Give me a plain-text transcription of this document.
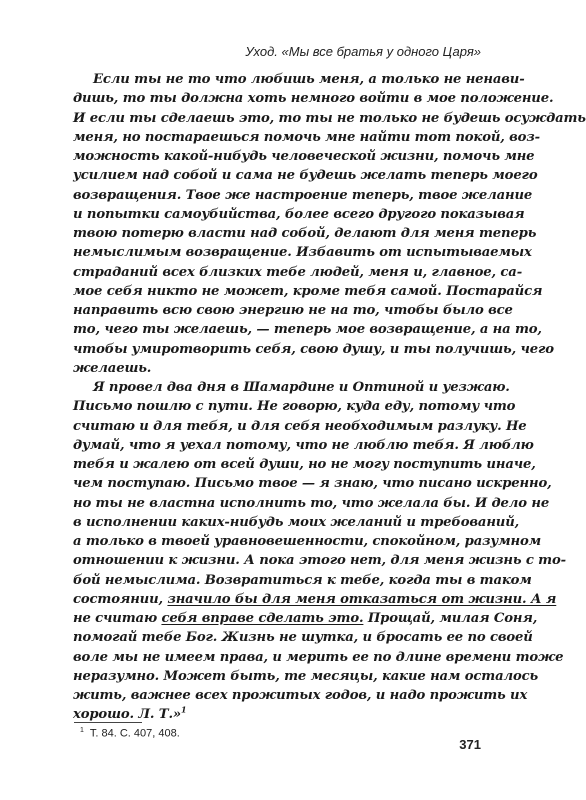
Уход. «Мы все братья у одного Царя»

Если ты не то что любишь меня, а только не ненави-
дишь, то ты должна хоть немного войти в мое положение.
И если ты сделаешь это, то ты не только не будешь осуждать
меня, но постараешься помочь мне найти тот покой, воз-
можность какой-нибудь человеческой жизни, помочь мне
усилием над собой и сама не будешь желать теперь моего
возвращения. Твое же настроение теперь, твое желание
и попытки самоубийства, более всего другого показывая
твою потерю власти над собой, делают для меня теперь
немыслимым возвращение. Избавить от испытываемых
страданий всех близких тебе людей, меня и, главное, са-
мое себя никто не может, кроме тебя самой. Постарайся
направить всю свою энергию не на то, чтобы было все
то, чего ты желаешь, — теперь мое возвращение, а на то,
чтобы умиротворить себя, свою душу, и ты получишь, чего
желаешь.

Я провел два дня в Шамардине и Оптиной и уезжаю.
Письмо пошлю с пути. Не говорю, куда еду, потому что
считаю и для тебя, и для себя необходимым разлуку. Не
думай, что я уехал потому, что не люблю тебя. Я люблю
тебя и жалею от всей души, но не могу поступить иначе,
чем поступаю. Письмо твое — я знаю, что писано искренно,
но ты не властна исполнить то, что желала бы. И дело не
в исполнении каких-нибудь моих желаний и требований,
а только в твоей уравновешенности, спокойном, разумном
отношении к жизни. А пока этого нет, для меня жизнь с то-
бой немыслима. Возвратиться к тебе, когда ты в таком
состоянии, значило бы для меня отказаться от жизни. А я
не считаю себя вправе сделать это. Прощай, милая Соня,
помогай тебе Бог. Жизнь не шутка, и бросать ее по своей
воле мы не имеем права, и мерить ее по длине времени тоже
неразумно. Может быть, те месяцы, какие нам осталось
жить, важнее всех прожитых годов, и надо прожить их
хорошо. Л. Т.»$^1$

$^1$ Т. 84. С. 407, 408.
371
